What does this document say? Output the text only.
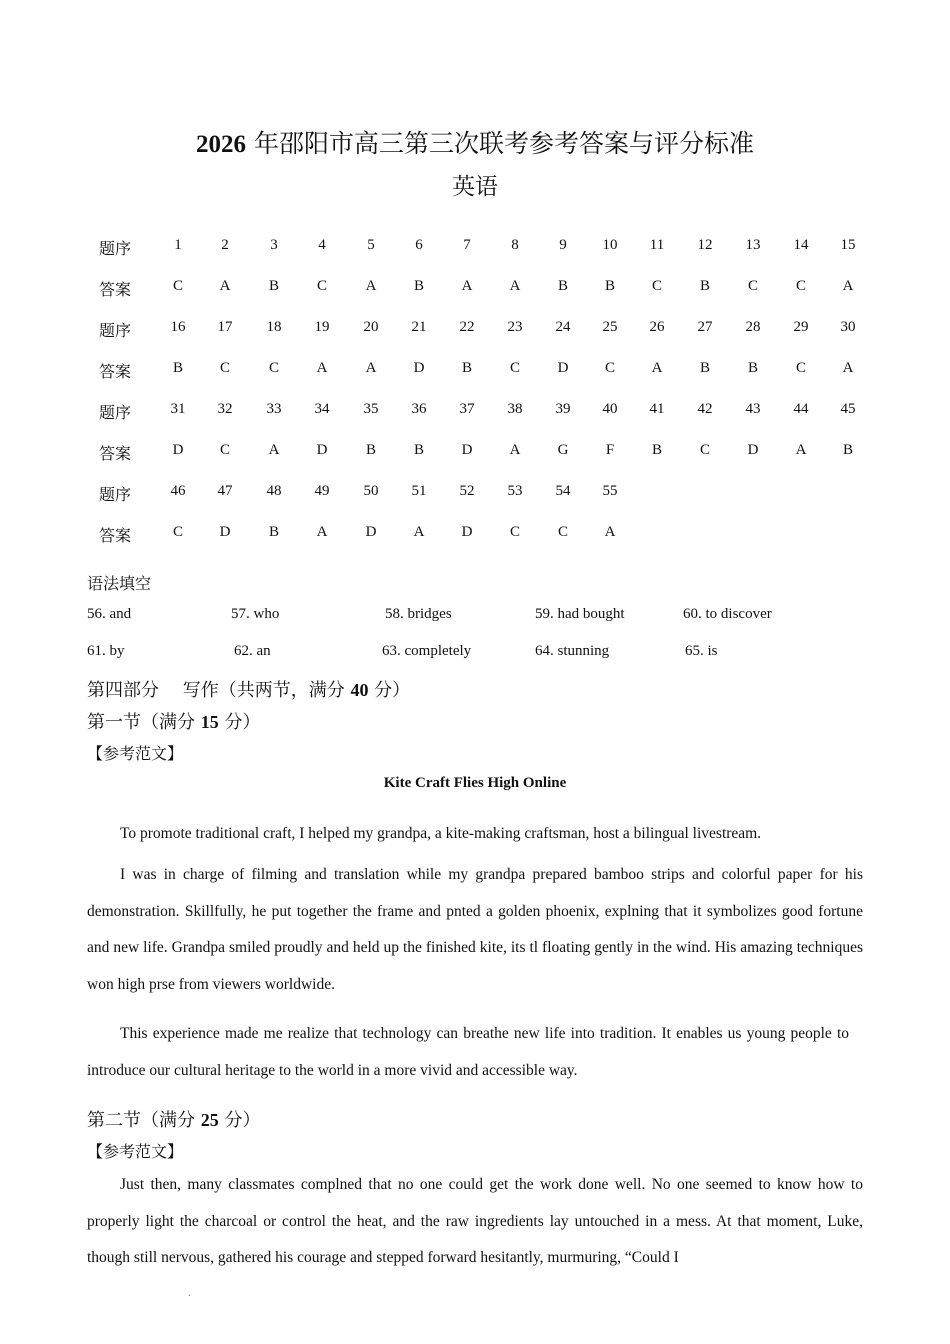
2026 年邵阳市高三第三次联考参考答案与评分标准
英语
题序	1	2	3	4	5	6	7	8	9	10	11	12	13	14	15
答案	C	A	B	C	A	B	A	A	B	B	C	B	C	C	A
题序	16	17	18	19	20	21	22	23	24	25	26	27	28	29	30
答案	B	C	C	A	A	D	B	C	D	C	A	B	B	C	A
题序	31	32	33	34	35	36	37	38	39	40	41	42	43	44	45
答案	D	C	A	D	B	B	D	A	G	F	B	C	D	A	B
题序	46	47	48	49	50	51	52	53	54	55
答案	C	D	B	A	D	A	D	C	C	A
语法填空
56. and	57. who	58. bridges	59. had bought	60. to discover
61. by	62. an	63. completely	64. stunning	65. is
第四部分　 写作（共两节，满分 40 分）
第一节（满分 15 分）
【参考范文】
Kite Craft Flies High Online

To promote traditional craft, I helped my grandpa, a kite-making craftsman, host a bilingual livestream.

I was in charge of filming and translation while my grandpa prepared bamboo strips and colorful paper for his demonstration. Skillfully, he put together the frame and pnted a golden phoenix, explning that it symbolizes good fortune and new life. Grandpa smiled proudly and held up the finished kite, its tl floating gently in the wind. His amazing techniques won high prse from viewers worldwide.

This experience made me realize that technology can breathe new life into tradition. It enables us young people to introduce our cultural heritage to the world in a more vivid and accessible way.

第二节（满分 25 分）
【参考范文】

Just then, many classmates complned that no one could get the work done well. No one seemed to know how to properly light the charcoal or control the heat, and the raw ingredients lay untouched in a mess. At that moment, Luke, though still nervous, gathered his courage and stepped forward hesitantly, murmuring, “Could I

.
